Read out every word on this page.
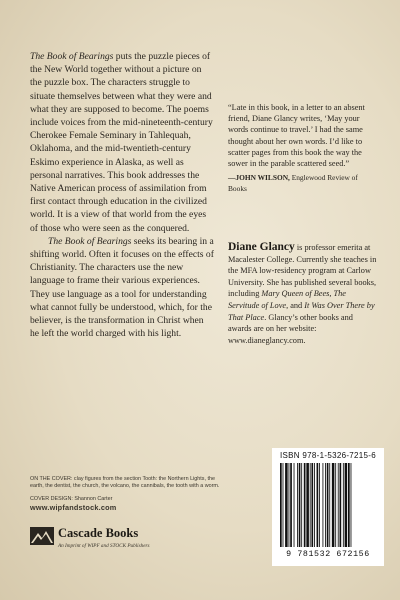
The Book of Bearings puts the puzzle pieces of the New World together without a picture on the puzzle box. The characters struggle to situate themselves between what they were and what they are supposed to become. The poems include voices from the mid-nineteenth-century Cherokee Female Seminary in Tahlequah, Oklahoma, and the mid-twentieth-century Eskimo experience in Alaska, as well as personal narratives. This book addresses the Native American process of assimilation from first contact through education in the civilized world. It is a view of that world from the eyes of those who were seen as the conquered.

The Book of Bearings seeks its bearing in a shifting world. Often it focuses on the effects of Christianity. The characters use the new language to frame their various experiences. They use language as a tool for understanding what cannot fully be understood, which, for the believer, is the transformation in Christ when he left the world charged with his light.

“Late in this book, in a letter to an absent friend, Diane Glancy writes, ‘May your words continue to travel.’ I had the same thought about her own words. I’d like to scatter pages from this book the way the sower in the parable scattered seed.”
—JOHN WILSON, Englewood Review of Books
Diane Glancy is professor emerita at Macalester College. Currently she teaches in the MFA low-residency program at Carlow University. She has published several books, including Mary Queen of Bees, The Servitude of Love, and It Was Over There by That Place. Glancy’s other books and awards are on her website: www.dianeglancy.com.
ON THE COVER: clay figures from the section Tooth: the Northern Lights, the earth, the dentist, the church, the volcano, the cannibals, the tooth with a worm.
COVER DESIGN: Shannon Carter
www.wipfandstock.com
Cascade Books
An Imprint of WIPF and STOCK Publishers
ISBN 978-1-5326-7215-6
9 781532 672156
